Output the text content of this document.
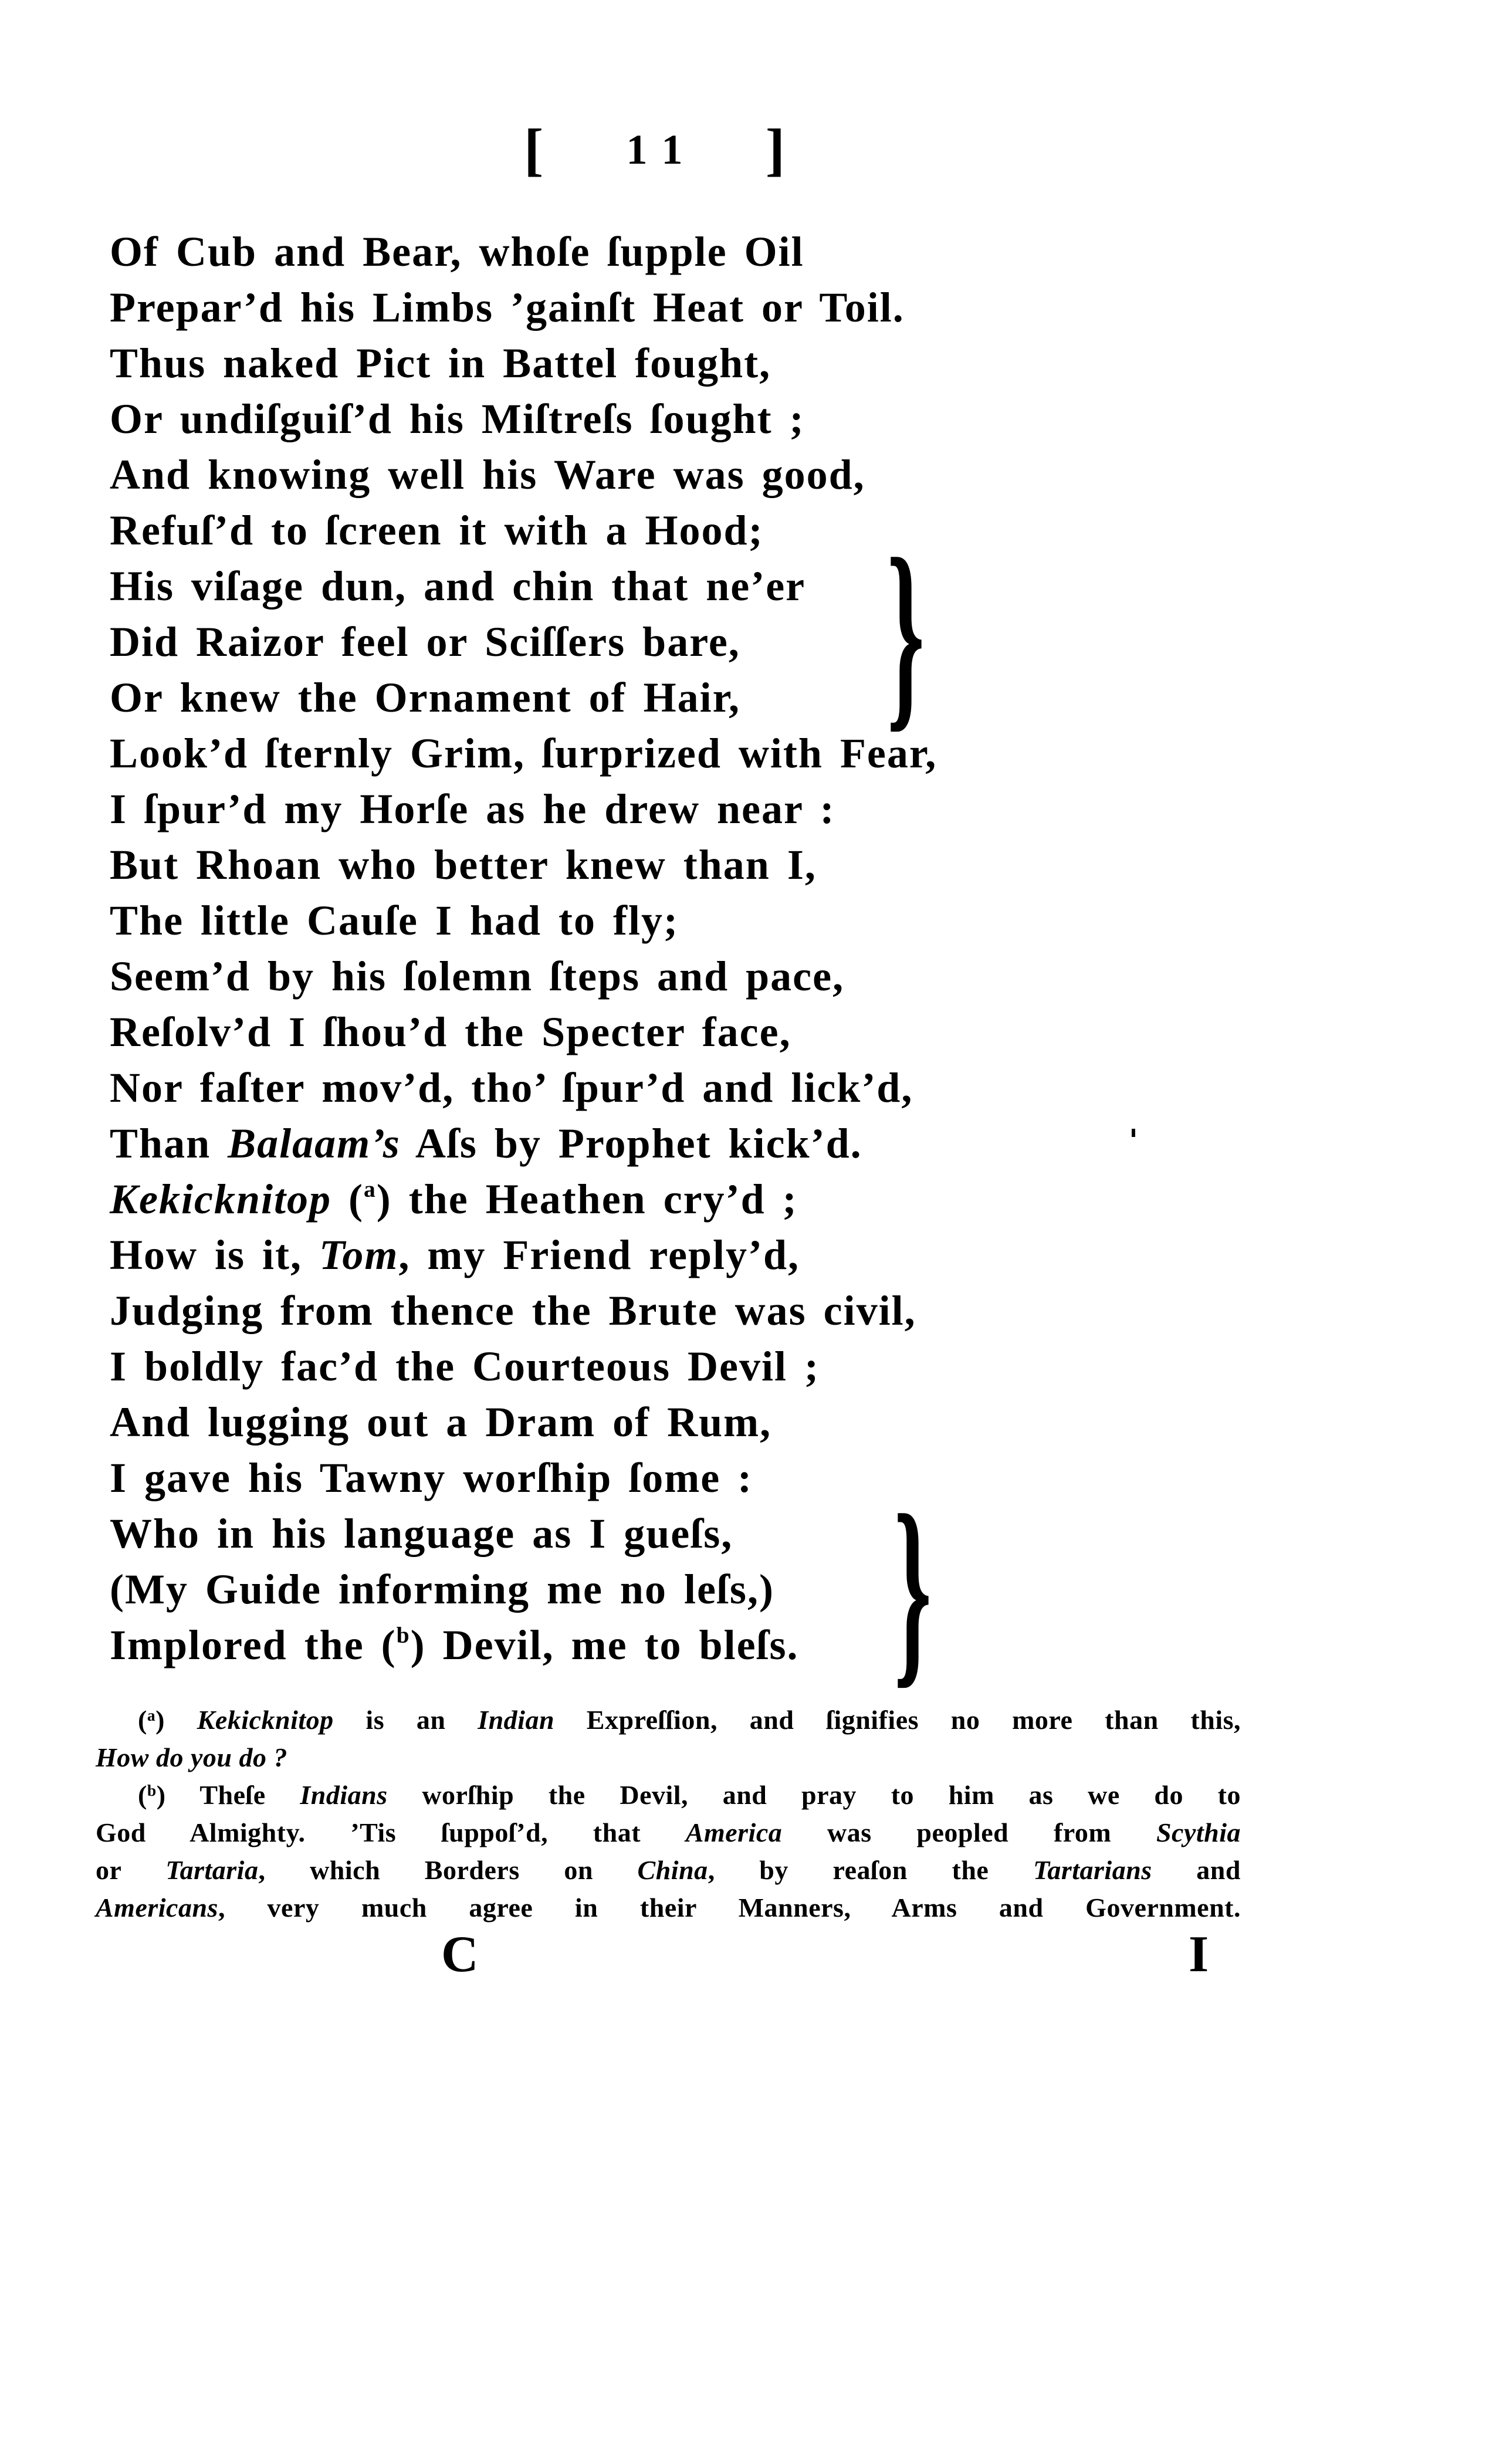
[ 11 ]
Of Cub and Bear, whoſe ſupple Oil
Prepar’d his Limbs ’gainſt Heat or Toil.
Thus naked Pict in Battel fought,
Or undiſguiſ’d his Miſtreſs ſought ;
And knowing well his Ware was good,
Refuſ’d to ſcreen it with a Hood;
His viſage dun, and chin that ne’er
Did Raizor feel or Sciſſers bare,
Or knew the Ornament of Hair,
Look’d ſternly Grim, ſurprized with Fear,
I ſpur’d my Horſe as he drew near :
But Rhoan who better knew than I,
The little Cauſe I had to fly;
Seem’d by his ſolemn ſteps and pace,
Reſolv’d I ſhou’d the Specter face,
Nor faſter mov’d, tho’ ſpur’d and lick’d,
Than Balaam’s Aſs by Prophet kick’d.
Kekicknitop ($^a$) the Heathen cry’d ;
How is it, Tom, my Friend reply’d,
Judging from thence the Brute was civil,
I boldly fac’d the Courteous Devil ;
And lugging out a Dram of Rum,
I gave his Tawny worſhip ſome :
Who in his language as I gueſs,
(My Guide informing me no leſs,)
Implored the ($^b$) Devil, me to bleſs.
}
}
($^a$) Kekicknitop is an Indian Expreſſion, and ſignifies no more than this,
How do you do ?
($^b$) Theſe Indians worſhip the Devil, and pray to him as we do to
God Almighty. ’Tis ſuppoſ’d, that America was peopled from Scythia
or Tartaria, which Borders on China, by reaſon the Tartarians and
Americans, very much agree in their Manners, Arms and Government.
C	I
